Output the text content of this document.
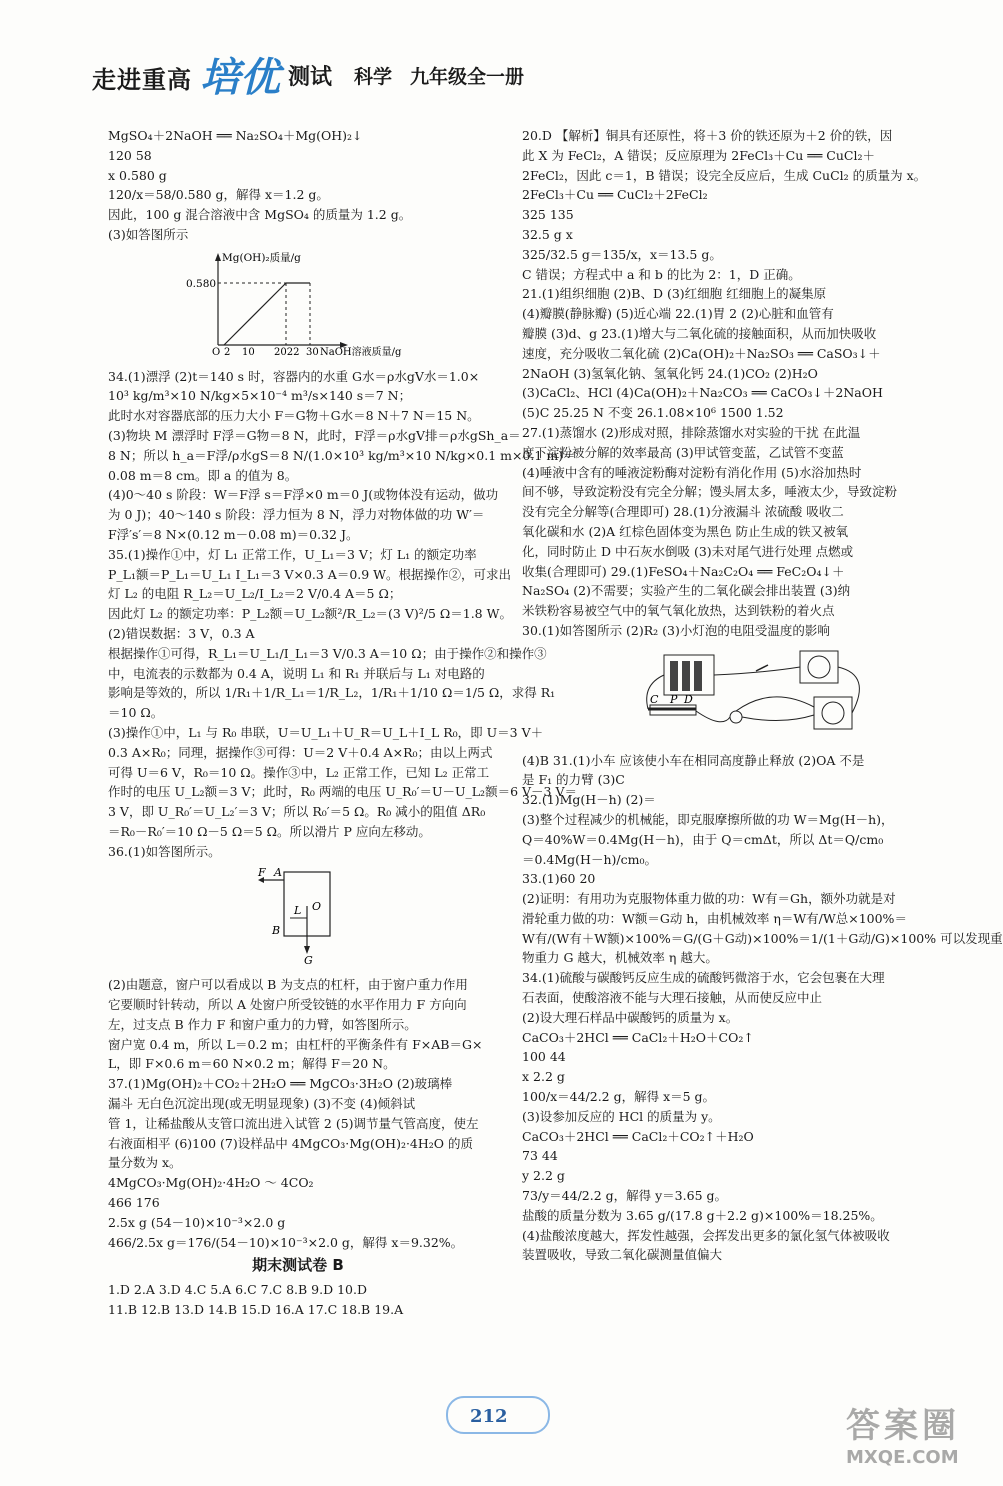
走进重高 培优 测试 科学 九年级全一册

MgSO₄＋2NaOH ══ Na₂SO₄＋Mg(OH)₂↓

120 58

x 0.580 g

120/x＝58/0.580 g，解得 x＝1.2 g。

因此，100 g 混合溶液中含 MgSO₄ 的质量为 1.2 g。

(3)如答图所示

Mg(OH)₂质量/g
0.580
O 2 10 2022 30 NaOH溶液质量/g

34.(1)漂浮 (2)t＝140 s 时，容器内的水重 G水＝ρ水gV水＝1.0×

10³ kg/m³×10 N/kg×5×10⁻⁴ m³/s×140 s＝7 N；

此时水对容器底部的压力大小 F＝G物＋G水＝8 N＋7 N＝15 N。

(3)物块 M 漂浮时 F浮＝G物＝8 N，此时，F浮＝ρ水gV排＝ρ水gSh_a＝

8 N；所以 h_a＝F浮/ρ水gS＝8 N/(1.0×10³ kg/m³×10 N/kg×0.1 m×0.1 m)＝

0.08 m＝8 cm。即 a 的值为 8。

(4)0～40 s 阶段：W＝F浮 s＝F浮×0 m＝0 J(或物体没有运动，做功

为 0 J)；40～140 s 阶段：浮力恒为 8 N，浮力对物体做的功 W′＝

F浮′s′＝8 N×(0.12 m－0.08 m)＝0.32 J。

35.(1)操作①中，灯 L₁ 正常工作，U_L₁＝3 V；灯 L₁ 的额定功率

P_L₁额＝P_L₁＝U_L₁ I_L₁＝3 V×0.3 A＝0.9 W。根据操作②，可求出

灯 L₂ 的电阻 R_L₂＝U_L₂/I_L₂＝2 V/0.4 A＝5 Ω；

因此灯 L₂ 的额定功率：P_L₂额＝U_L₂额²/R_L₂＝(3 V)²/5 Ω＝1.8 W。

(2)错误数据：3 V，0.3 A

根据操作①可得，R_L₁＝U_L₁/I_L₁＝3 V/0.3 A＝10 Ω；由于操作②和操作③

中，电流表的示数都为 0.4 A，说明 L₁ 和 R₁ 并联后与 L₁ 对电路的

影响是等效的，所以 1/R₁＋1/R_L₁＝1/R_L₂，1/R₁＋1/10 Ω＝1/5 Ω，求得 R₁

＝10 Ω。

(3)操作①中，L₁ 与 R₀ 串联，U＝U_L₁＋U_R＝U_L＋I_L R₀，即 U＝3 V＋

0.3 A×R₀；同理，据操作③可得：U＝2 V＋0.4 A×R₀；由以上两式

可得 U＝6 V，R₀＝10 Ω。操作③中，L₂ 正常工作，已知 L₂ 正常工

作时的电压 U_L₂额＝3 V；此时，R₀ 两端的电压 U_R₀′＝U－U_L₂额＝6 V－3 V＝

3 V，即 U_R₀′＝U_L₂′＝3 V；所以 R₀′＝5 Ω。R₀ 减小的阻值 ΔR₀

＝R₀－R₀′＝10 Ω－5 Ω＝5 Ω。所以滑片 P 应向左移动。

36.(1)如答图所示。

F A
L O
B
G

(2)由题意，窗户可以看成以 B 为支点的杠杆，由于窗户重力作用

它要顺时针转动，所以 A 处窗户所受铰链的水平作用力 F 方向向

左，过支点 B 作力 F 和窗户重力的力臂，如答图所示。

窗户宽 0.4 m，所以 L＝0.2 m；由杠杆的平衡条件有 F×AB＝G×

L，即 F×0.6 m＝60 N×0.2 m；解得 F＝20 N。

37.(1)Mg(OH)₂＋CO₂＋2H₂O ══ MgCO₃·3H₂O (2)玻璃棒

漏斗 无白色沉淀出现(或无明显现象) (3)不变 (4)倾斜试

管 1，让稀盐酸从支管口流出进入试管 2 (5)调节量气管高度，使左

右液面相平 (6)100 (7)设样品中 4MgCO₃·Mg(OH)₂·4H₂O 的质

量分数为 x。

4MgCO₃·Mg(OH)₂·4H₂O ～ 4CO₂

466 176

2.5x g (54－10)×10⁻³×2.0 g

466/2.5x g＝176/(54－10)×10⁻³×2.0 g，解得 x＝9.32%。

期末测试卷 B

1.D 2.A 3.D 4.C 5.A 6.C 7.C 8.B 9.D 10.D

11.B 12.B 13.D 14.B 15.D 16.A 17.C 18.B 19.A

20.D 【解析】铜具有还原性，将＋3 价的铁还原为＋2 价的铁，因

此 X 为 FeCl₂，A 错误；反应原理为 2FeCl₃＋Cu ══ CuCl₂＋

2FeCl₂，因此 c＝1，B 错误；设完全反应后，生成 CuCl₂ 的质量为 x。

2FeCl₃＋Cu ══ CuCl₂＋2FeCl₂

325 135

32.5 g x

325/32.5 g＝135/x，x＝13.5 g。

C 错误；方程式中 a 和 b 的比为 2：1，D 正确。

21.(1)组织细胞 (2)B、D (3)红细胞 红细胞上的凝集原

(4)瓣膜(静脉瓣) (5)近心端 22.(1)胃 2 (2)心脏和血管有

瓣膜 (3)d、g 23.(1)增大与二氧化硫的接触面积，从而加快吸收

速度，充分吸收二氧化硫 (2)Ca(OH)₂＋Na₂SO₃ ══ CaSO₃↓＋

2NaOH (3)氢氧化钠、氢氧化钙 24.(1)CO₂ (2)H₂O

(3)CaCl₂、HCl (4)Ca(OH)₂＋Na₂CO₃ ══ CaCO₃↓＋2NaOH

(5)C 25.25 N 不变 26.1.08×10⁶ 1500 1.52

27.(1)蒸馏水 (2)形成对照，排除蒸馏水对实验的干扰 在此温

度下淀粉被分解的效率最高 (3)甲试管变蓝，乙试管不变蓝

(4)唾液中含有的唾液淀粉酶对淀粉有消化作用 (5)水浴加热时

间不够，导致淀粉没有完全分解；馒头屑太多，唾液太少，导致淀粉

没有完全分解等(合理即可) 28.(1)分液漏斗 浓硫酸 吸收二

氧化碳和水 (2)A 红棕色固体变为黑色 防止生成的铁又被氧

化，同时防止 D 中石灰水倒吸 (3)未对尾气进行处理 点燃或

收集(合理即可) 29.(1)FeSO₄＋Na₂C₂O₄ ══ FeC₂O₄↓＋

Na₂SO₄ (2)不需要；实验产生的二氧化碳会排出装置 (3)纳

米铁粉容易被空气中的氧气氧化放热，达到铁粉的着火点

30.(1)如答图所示 (2)R₂ (3)小灯泡的电阻受温度的影响

C P D

(4)B 31.(1)小车 应该使小车在相同高度静止释放 (2)OA 不是

是 F₁ 的力臂 (3)C

32.(1)Mg(H－h) (2)＝

(3)整个过程减少的机械能，即克服摩擦所做的功 W＝Mg(H－h)，

Q＝40%W＝0.4Mg(H－h)，由于 Q＝cmΔt，所以 Δt＝Q/cm₀

＝0.4Mg(H－h)/cm₀。

33.(1)60 20

(2)证明：有用功为克服物体重力做的功：W有＝Gh，额外功就是对

滑轮重力做的功：W额＝G动 h，由机械效率 η＝W有/W总×100%＝

W有/(W有＋W额)×100%＝G/(G＋G动)×100%＝1/(1＋G动/G)×100% 可以发现重

物重力 G 越大，机械效率 η 越大。

34.(1)硫酸与碳酸钙反应生成的硫酸钙微溶于水，它会包裹在大理

石表面，使酸溶液不能与大理石接触，从而使反应中止

(2)设大理石样品中碳酸钙的质量为 x。

CaCO₃＋2HCl ══ CaCl₂＋H₂O＋CO₂↑

100 44

x 2.2 g

100/x＝44/2.2 g，解得 x＝5 g。

(3)设参加反应的 HCl 的质量为 y。

CaCO₃＋2HCl ══ CaCl₂＋CO₂↑＋H₂O

73 44

y 2.2 g

73/y＝44/2.2 g，解得 y＝3.65 g。

盐酸的质量分数为 3.65 g/(17.8 g＋2.2 g)×100%＝18.25%。

(4)盐酸浓度越大，挥发性越强，会挥发出更多的氯化氢气体被吸收

装置吸收，导致二氧化碳测量值偏大

212	答案圈
MXQE.COM
